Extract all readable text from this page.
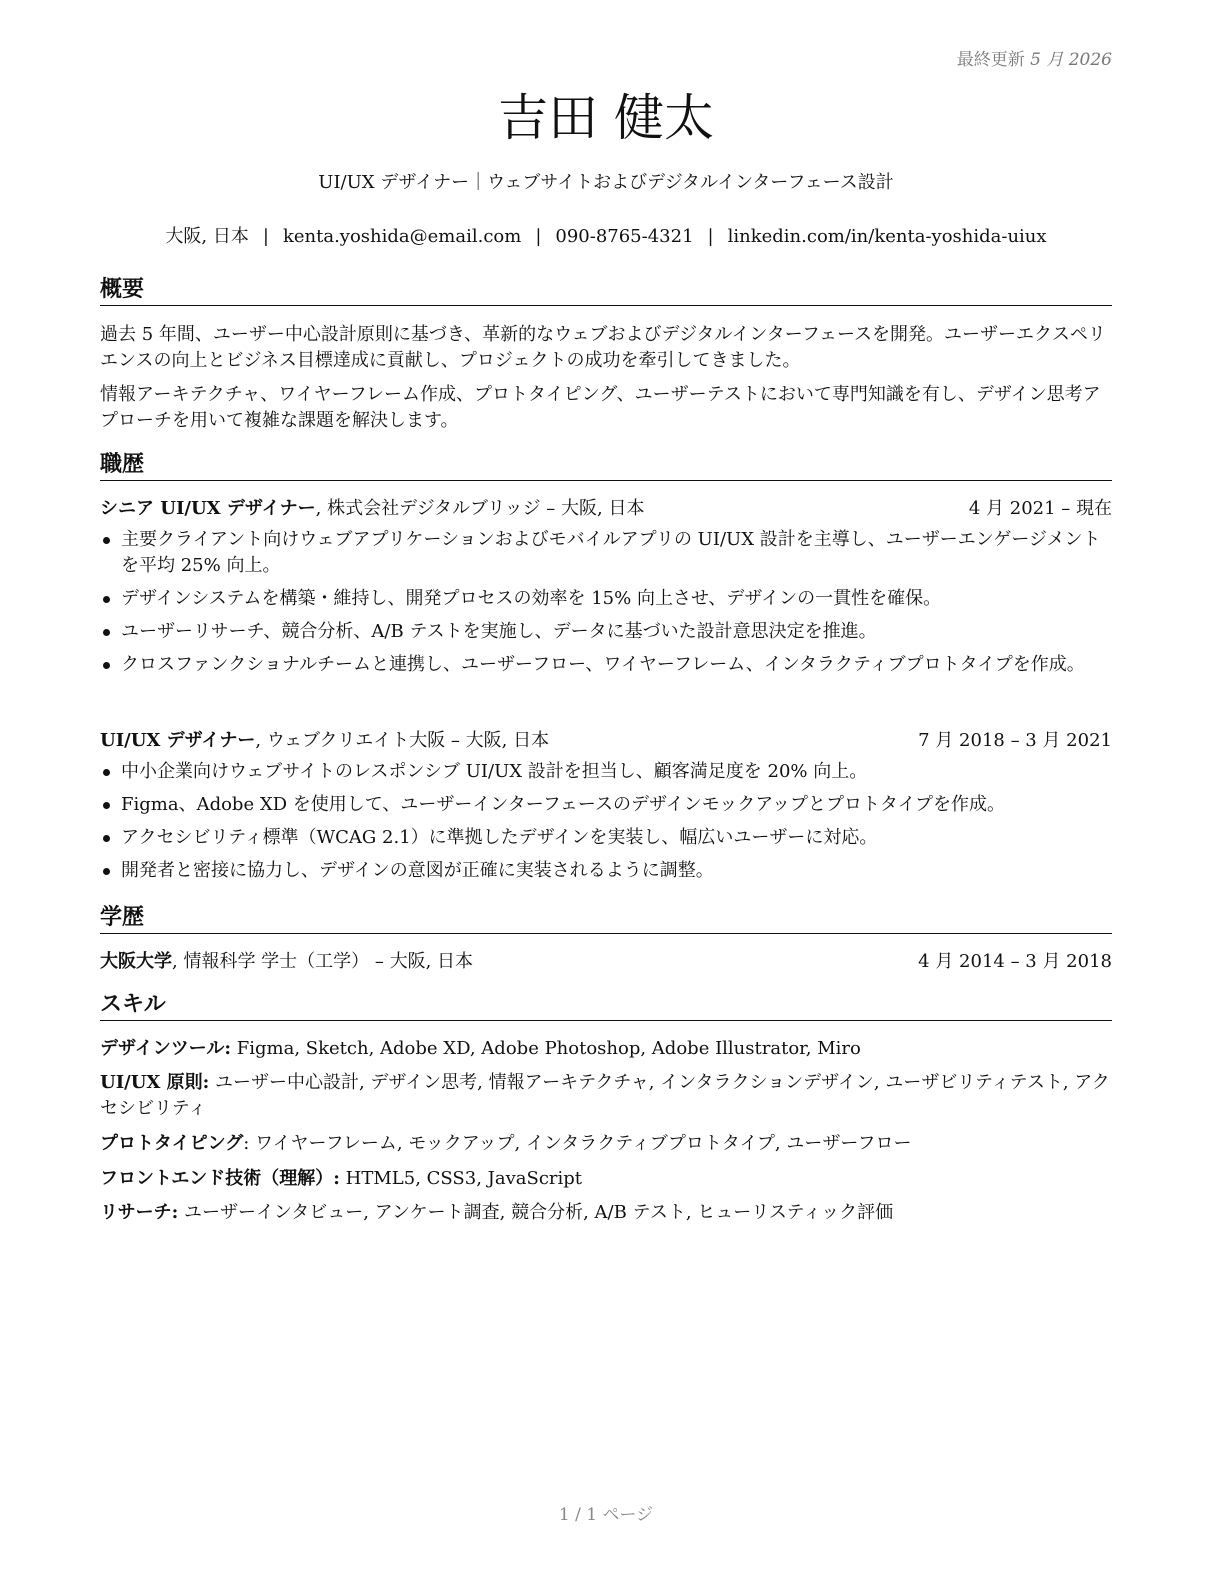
最終更新 5 月 2026
吉田 健太
UI/UX デザイナー｜ウェブサイトおよびデジタルインターフェース設計
大阪, 日本 | kenta.yoshida@email.com | 090-8765-4321 | linkedin.com/in/kenta-yoshida-uiux
概要
過去 5 年間、ユーザー中心設計原則に基づき、革新的なウェブおよびデジタルインターフェースを開発。ユーザーエクスペリエンスの向上とビジネス目標達成に貢献し、プロジェクトの成功を牽引してきました。
情報アーキテクチャ、ワイヤーフレーム作成、プロトタイピング、ユーザーテストにおいて専門知識を有し、デザイン思考アプローチを用いて複雑な課題を解決します。
職歴
シニア UI/UX デザイナー, 株式会社デジタルブリッジ – 大阪, 日本	4 月 2021 – 現在
主要クライアント向けウェブアプリケーションおよびモバイルアプリの UI/UX 設計を主導し、ユーザーエンゲージメントを平均 25% 向上。
デザインシステムを構築・維持し、開発プロセスの効率を 15% 向上させ、デザインの一貫性を確保。
ユーザーリサーチ、競合分析、A/B テストを実施し、データに基づいた設計意思決定を推進。
クロスファンクショナルチームと連携し、ユーザーフロー、ワイヤーフレーム、インタラクティブプロトタイプを作成。
UI/UX デザイナー, ウェブクリエイト大阪 – 大阪, 日本	7 月 2018 – 3 月 2021
中小企業向けウェブサイトのレスポンシブ UI/UX 設計を担当し、顧客満足度を 20% 向上。
Figma、Adobe XD を使用して、ユーザーインターフェースのデザインモックアップとプロトタイプを作成。
アクセシビリティ標準（WCAG 2.1）に準拠したデザインを実装し、幅広いユーザーに対応。
開発者と密接に協力し、デザインの意図が正確に実装されるように調整。
学歴
大阪大学, 情報科学 学士（工学） – 大阪, 日本	4 月 2014 – 3 月 2018
スキル
デザインツール: Figma, Sketch, Adobe XD, Adobe Photoshop, Adobe Illustrator, Miro
UI/UX 原則: ユーザー中心設計, デザイン思考, 情報アーキテクチャ, インタラクションデザイン, ユーザビリティテスト, アクセシビリティ
プロトタイピング: ワイヤーフレーム, モックアップ, インタラクティブプロトタイプ, ユーザーフロー
フロントエンド技術（理解）: HTML5, CSS3, JavaScript
リサーチ: ユーザーインタビュー, アンケート調査, 競合分析, A/B テスト, ヒューリスティック評価
1 / 1 ページ
